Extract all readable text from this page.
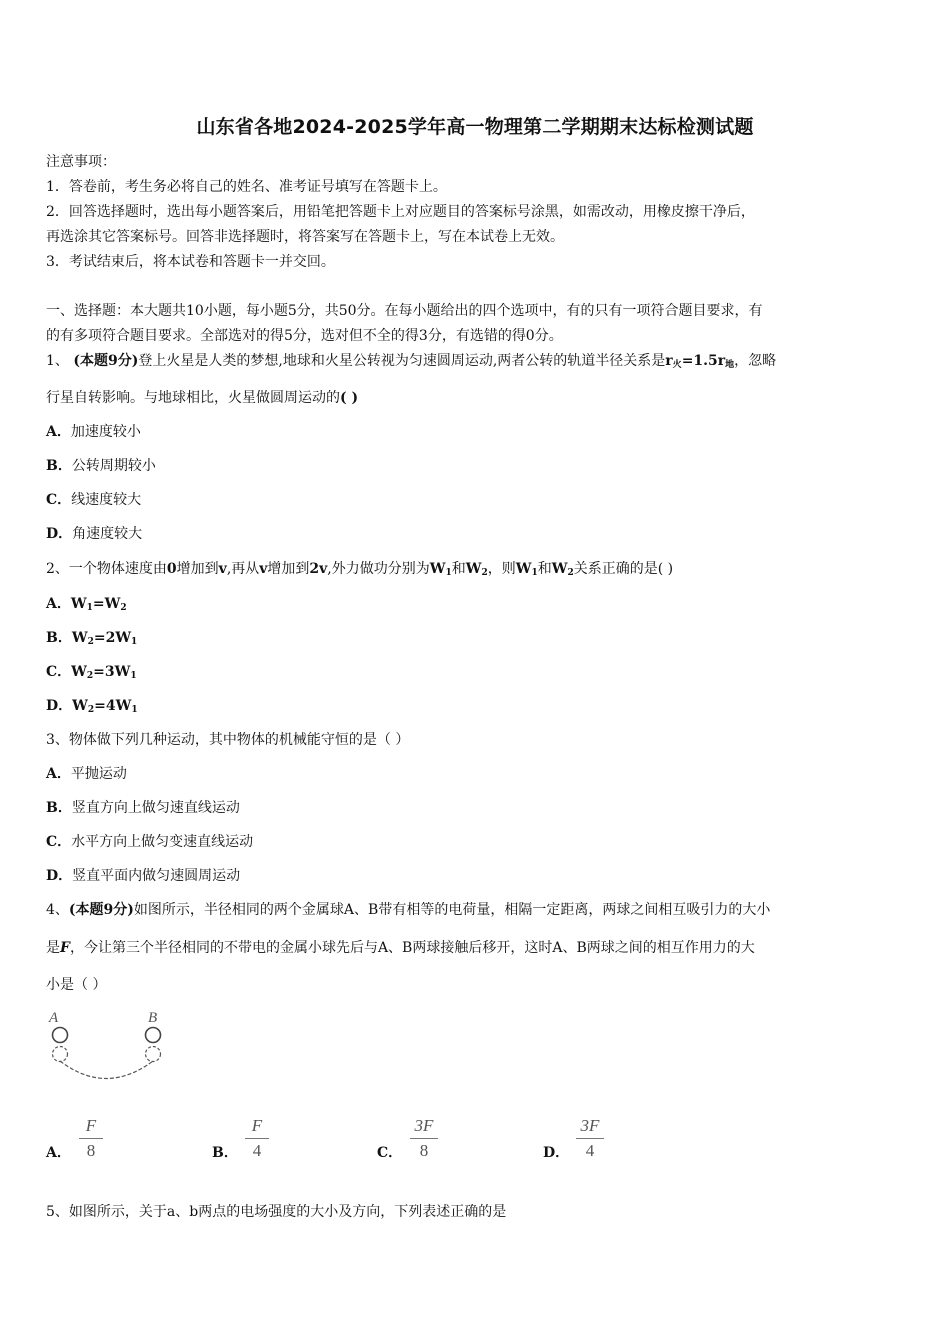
山东省各地2024-2025学年高一物理第二学期期末达标检测试题
注意事项：
1．答卷前，考生务必将自己的姓名、准考证号填写在答题卡上。
2．回答选择题时，选出每小题答案后，用铅笔把答题卡上对应题目的答案标号涂黑，如需改动，用橡皮擦干净后，
再选涂其它答案标号。回答非选择题时，将答案写在答题卡上，写在本试卷上无效。
3．考试结束后，将本试卷和答题卡一并交回。
一、选择题：本大题共10小题，每小题5分，共50分。在每小题给出的四个选项中，有的只有一项符合题目要求，有
的有多项符合题目要求。全部选对的得5分，选对但不全的得3分，有选错的得0分。
1、 (本题9分)登上火星是人类的梦想,地球和火星公转视为匀速圆周运动,两者公转的轨道半径关系是$r_火=1.5r_地$，忽略
行星自转影响。与地球相比，火星做圆周运动的( )
A．加速度较小
B．公转周期较小
C．线速度较大
D．角速度较大
2、一个物体速度由0增加到v,再从v增加到2v,外力做功分别为$W_1$和$W_2$，则$W_1$和$W_2$关系正确的是( )
A．$W_1=W_2$
B．$W_2=2W_1$
C．$W_2=3W_1$
D．$W_2=4W_1$
3、物体做下列几种运动，其中物体的机械能守恒的是（ ）
A．平抛运动
B．竖直方向上做匀速直线运动
C．水平方向上做匀变速直线运动
D．竖直平面内做匀速圆周运动
4、(本题9分)如图所示，半径相同的两个金属球A、B带有相等的电荷量，相隔一定距离，两球之间相互吸引力的大小
是F，今让第三个半径相同的不带电的金属小球先后与A、B两球接触后移开，这时A、B两球之间的相互作用力的大
小是（ ）
A	B
A．
F
8	B．
F
4	C．
3F
8	D．
3F
4
5、如图所示，关于a、b两点的电场强度的大小及方向，下列表述正确的是
